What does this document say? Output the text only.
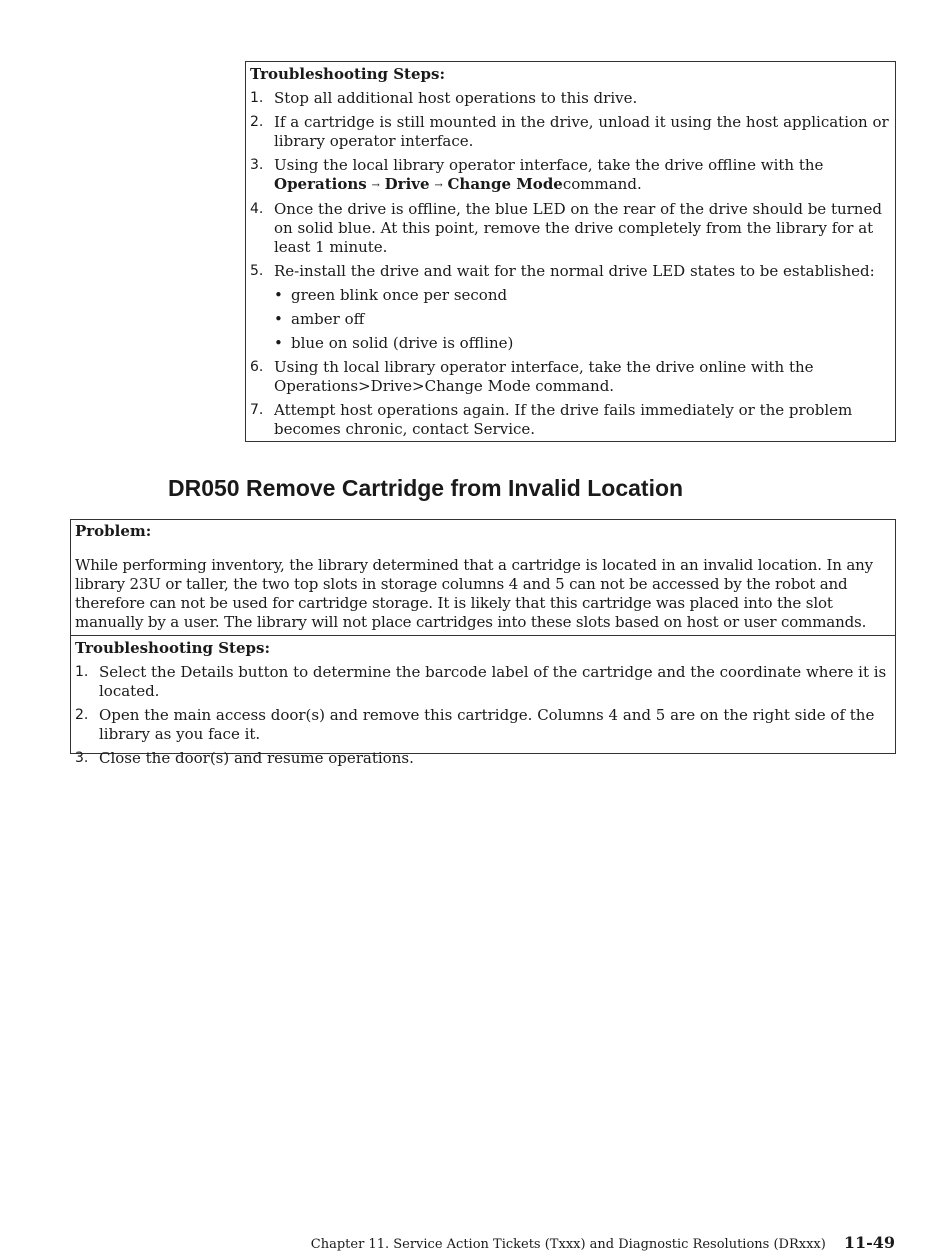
Troubleshooting Steps:

1. Stop all additional host operations to this drive.
2. If a cartridge is still mounted in the drive, unload it using the host application or library operator interface.
3. Using the local library operator interface, take the drive offline with the Operations → Drive → Change Modecommand.
4. Once the drive is offline, the blue LED on the rear of the drive should be turned on solid blue. At this point, remove the drive completely from the library for at least 1 minute.
5. Re-install the drive and wait for the normal drive LED states to be established:
• green blink once per second
• amber off
• blue on solid (drive is offline)
6. Using th local library operator interface, take the drive online with the Operations>Drive>Change Mode command.
7. Attempt host operations again. If the drive fails immediately or the problem becomes chronic, contact Service.
DR050 Remove Cartridge from Invalid Location

Problem:

While performing inventory, the library determined that a cartridge is located in an invalid location. In any library 23U or taller, the two top slots in storage columns 4 and 5 can not be accessed by the robot and therefore can not be used for cartridge storage. It is likely that this cartridge was placed into the slot manually by a user. The library will not place cartridges into these slots based on host or user commands.

Troubleshooting Steps:

1. Select the Details button to determine the barcode label of the cartridge and the coordinate where it is located.
2. Open the main access door(s) and remove this cartridge. Columns 4 and 5 are on the right side of the library as you face it.
3. Close the door(s) and resume operations.
Chapter 11. Service Action Tickets (Txxx) and Diagnostic Resolutions (DRxxx) 11-49
